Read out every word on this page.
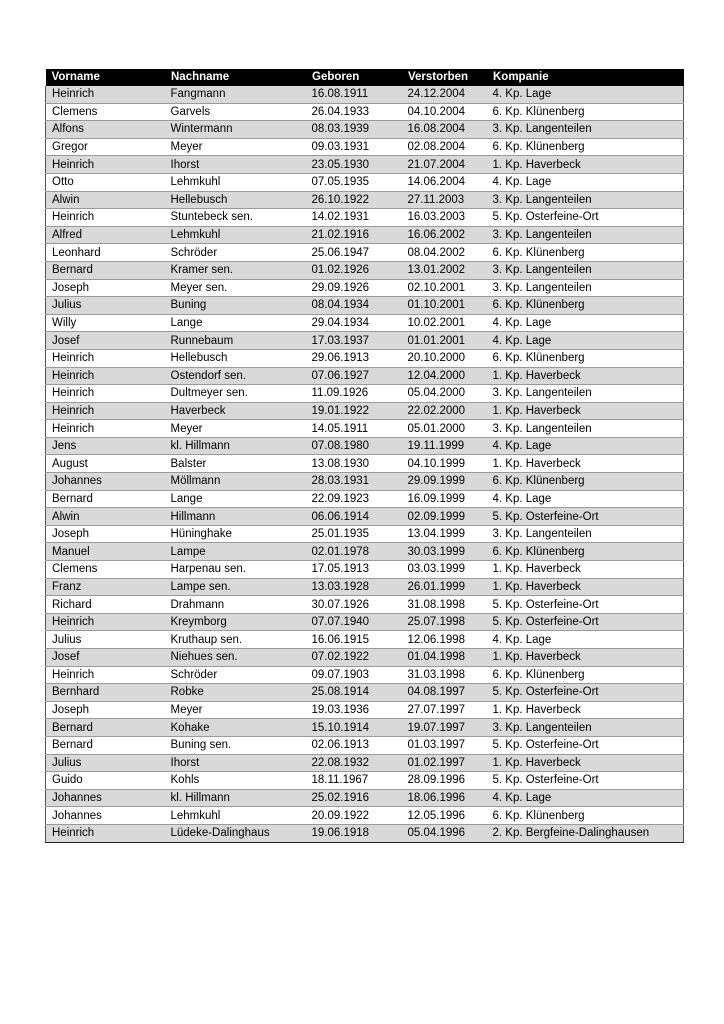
Vorname	Nachname	Geboren	Verstorben	Kompanie
Heinrich	Fangmann	16.08.1911	24.12.2004	4. Kp. Lage
Clemens	Garvels	26.04.1933	04.10.2004	6. Kp. Klünenberg
Alfons	Wintermann	08.03.1939	16.08.2004	3. Kp. Langenteilen
Gregor	Meyer	09.03.1931	02.08.2004	6. Kp. Klünenberg
Heinrich	Ihorst	23.05.1930	21.07.2004	1. Kp. Haverbeck
Otto	Lehmkuhl	07.05.1935	14.06.2004	4. Kp. Lage
Alwin	Hellebusch	26.10.1922	27.11.2003	3. Kp. Langenteilen
Heinrich	Stuntebeck sen.	14.02.1931	16.03.2003	5. Kp. Osterfeine-Ort
Alfred	Lehmkuhl	21.02.1916	16.06.2002	3. Kp. Langenteilen
Leonhard	Schröder	25.06.1947	08.04.2002	6. Kp. Klünenberg
Bernard	Kramer sen.	01.02.1926	13.01.2002	3. Kp. Langenteilen
Joseph	Meyer sen.	29.09.1926	02.10.2001	3. Kp. Langenteilen
Julius	Buning	08.04.1934	01.10.2001	6. Kp. Klünenberg
Willy	Lange	29.04.1934	10.02.2001	4. Kp. Lage
Josef	Runnebaum	17.03.1937	01.01.2001	4. Kp. Lage
Heinrich	Hellebusch	29.06.1913	20.10.2000	6. Kp. Klünenberg
Heinrich	Ostendorf sen.	07.06.1927	12.04.2000	1. Kp. Haverbeck
Heinrich	Dultmeyer sen.	11.09.1926	05.04.2000	3. Kp. Langenteilen
Heinrich	Haverbeck	19.01.1922	22.02.2000	1. Kp. Haverbeck
Heinrich	Meyer	14.05.1911	05.01.2000	3. Kp. Langenteilen
Jens	kl. Hillmann	07.08.1980	19.11.1999	4. Kp. Lage
August	Balster	13.08.1930	04.10.1999	1. Kp. Haverbeck
Johannes	Möllmann	28.03.1931	29.09.1999	6. Kp. Klünenberg
Bernard	Lange	22.09.1923	16.09.1999	4. Kp. Lage
Alwin	Hillmann	06.06.1914	02.09.1999	5. Kp. Osterfeine-Ort
Joseph	Hüninghake	25.01.1935	13.04.1999	3. Kp. Langenteilen
Manuel	Lampe	02.01.1978	30.03.1999	6. Kp. Klünenberg
Clemens	Harpenau sen.	17.05.1913	03.03.1999	1. Kp. Haverbeck
Franz	Lampe sen.	13.03.1928	26.01.1999	1. Kp. Haverbeck
Richard	Drahmann	30.07.1926	31.08.1998	5. Kp. Osterfeine-Ort
Heinrich	Kreymborg	07.07.1940	25.07.1998	5. Kp. Osterfeine-Ort
Julius	Kruthaup sen.	16.06.1915	12.06.1998	4. Kp. Lage
Josef	Niehues sen.	07.02.1922	01.04.1998	1. Kp. Haverbeck
Heinrich	Schröder	09.07.1903	31.03.1998	6. Kp. Klünenberg
Bernhard	Robke	25.08.1914	04.08.1997	5. Kp. Osterfeine-Ort
Joseph	Meyer	19.03.1936	27.07.1997	1. Kp. Haverbeck
Bernard	Kohake	15.10.1914	19.07.1997	3. Kp. Langenteilen
Bernard	Buning sen.	02.06.1913	01.03.1997	5. Kp. Osterfeine-Ort
Julius	Ihorst	22.08.1932	01.02.1997	1. Kp. Haverbeck
Guido	Kohls	18.11.1967	28.09.1996	5. Kp. Osterfeine-Ort
Johannes	kl. Hillmann	25.02.1916	18.06.1996	4. Kp. Lage
Johannes	Lehmkuhl	20.09.1922	12.05.1996	6. Kp. Klünenberg
Heinrich	Lüdeke-Dalinghaus	19.06.1918	05.04.1996	2. Kp. Bergfeine-Dalinghausen
